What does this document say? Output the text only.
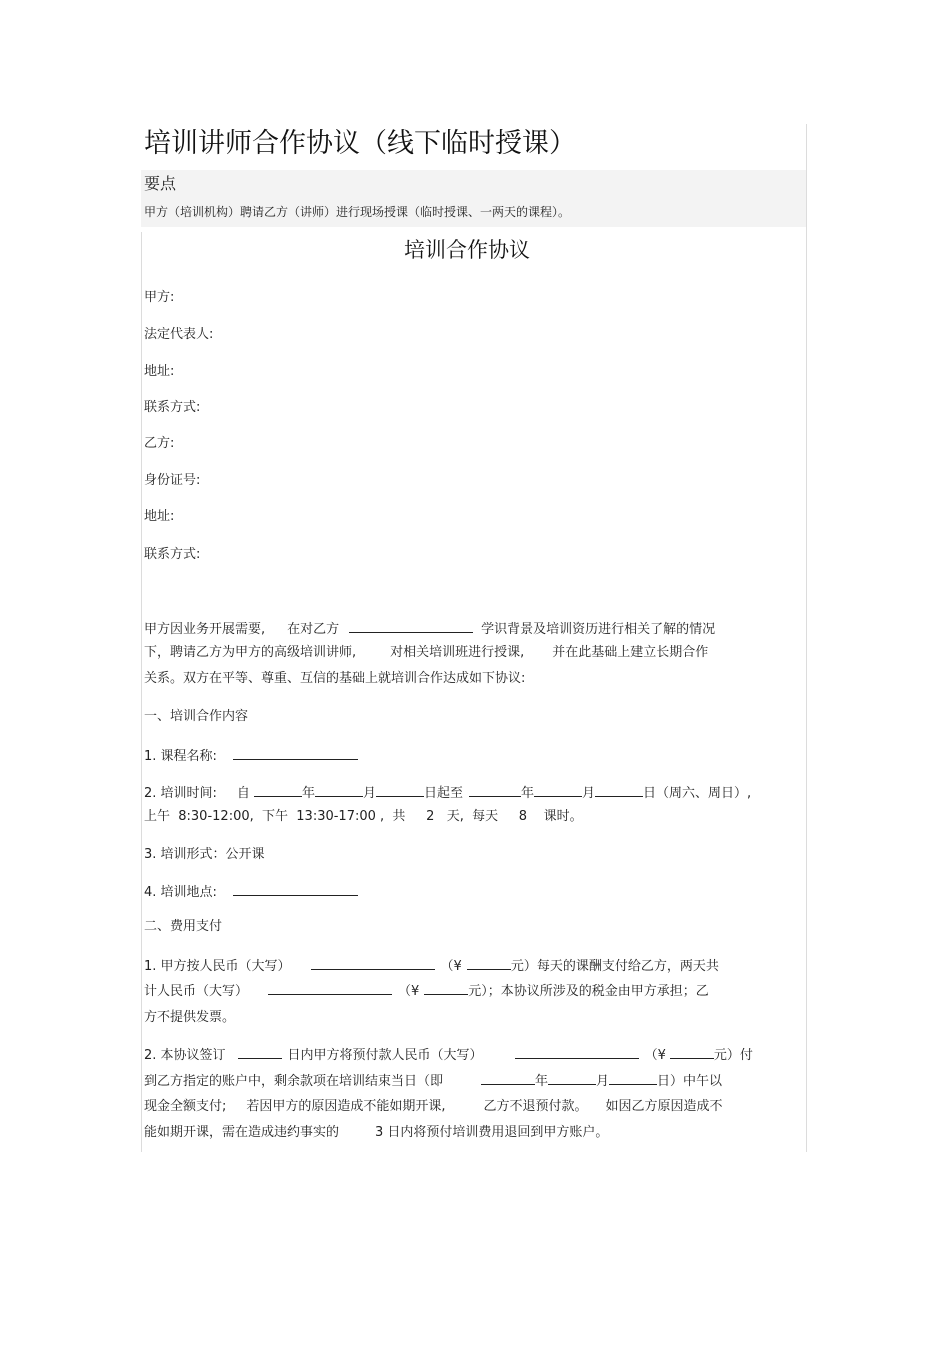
培训讲师合作协议（线下临时授课）
要点
甲方（培训机构）聘请乙方（讲师）进行现场授课（临时授课、一两天的课程）。
培训合作协议
甲方:
法定代表人:
地址:
联系方式:
乙方:
身份证号:
地址:
联系方式:
甲方因业务开展需要, 在对乙方	学识背景及培训资历进行相关了解的情况
下，聘请乙方为甲方的高级培训讲师,	对相关培训班进行授课, 并在此基础上建立长期合作
关系。双方在平等、尊重、互信的基础上就培训合作达成如下协议:
一、培训合作内容
1. 课程名称:
2. 培训时间: 自	年	月	日起至	年	月	日（周六、周日）,
上午  8:30-12:00,  下午  13:30-17:00 ,  共     2   天,  每天     8    课时。
3. 培训形式：公开课
4. 培训地点:
二、费用支付
1. 甲方按人民币（大写）	（¥	元）每天的课酬支付给乙方，两天共
计人民币（大写）	（¥	元）；本协议所涉及的税金由甲方承担；乙
方不提供发票。
2. 本协议签订	日内甲方将预付款人民币（大写）	（¥	元）付
到乙方指定的账户中，剩余款项在培训结束当日（即	年	月	日）中午以
现金全额支付; 若因甲方的原因造成不能如期开课,	乙方不退预付款。 如因乙方原因造成不
能如期开课，需在造成违约事实的	3 日内将预付培训费用退回到甲方账户。
